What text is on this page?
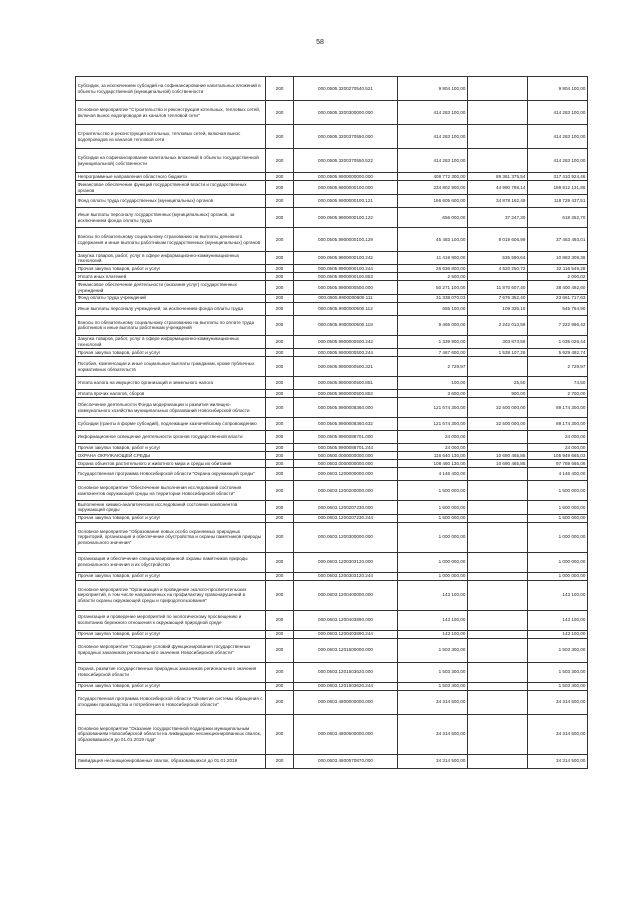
58
Субсидии, за исключением субсидий на софинансирование капитальных вложений в объекты государственной (муниципальной) собственности	200	000.0505.3200270540.521	9 804 100,00		9 804 100,00
Основное мероприятие "Строительство и реконструкция котельных, тепловых сетей, включая вынос водопроводов из каналов тепловой сети"	200	000.0505.3200300000.000	414 283 100,00		414 283 100,00
Строительство и реконструкция котельных, тепловых сетей, включая вынос водопроводов из каналов тепловой сети	200	000.0505.3200370550.000	414 283 100,00		414 283 100,00
Субсидии на софинансирование капитальных вложений в объекты государственной (муниципальной) собственности	200	000.0505.3200370550.522	414 283 100,00		414 283 100,00
Непрограммные направления областного бюджета	200	000.0505.9900000000.000	406 772 300,00	89 361 375,54	317 410 924,46
Финансовое обеспечение функций государственной власти и государственных органов	200	000.0505.9900000100.000	234 802 900,00	44 990 768,14	189 812 131,86
Фонд оплаты труда государственных (муниципальных) органов	200	000.0505.9900000100.121	166 605 600,00	34 878 162,49	118 729 437,51
Иные выплаты персоналу государственных (муниципальных) органов, за исключением фонда оплаты труда	200	000.0505.9900000100.122	656 000,00	37 247,30	618 252,70
Взносы по обязательному социальному страхованию на выплаты денежного содержания и иные выплаты работникам государственных (муниципальных) органов	200	000.0505.9900000100.129	45 483 100,00	8 019 606,99	37 463 493,01
Закупка товаров, работ, услуг в сфере информационно-коммуникационных технологий	200	000.0505.9900000100.242	11 418 900,00	535 590,64	10 883 309,36
Прочая закупка товаров, работ и услуг	200	000.0505.9900000100.244	26 636 800,00	4 520 250,72	22 116 549,28
Уплата иных платежей	200	000.0505.9900000100.853	2 500,00		2 000,02
Финансовое обеспечение деятельности (оказания услуг) государственных учреждений	200	000.0505.9900000500.000	50 271 100,00	11 870 607,40	38 400 492,60
Фонд оплаты труда учреждений	200	000.0505.9900000500.111	31 338 070,03	7 676 352,40	23 661 717,63
Иные выплаты персоналу учреждений, за исключением фонда оплаты труда	200	000.0505.9900000500.112	655 100,00	109 335,10	545 764,90
Взносы по обязательному социальному страхованию на выплаты по оплате труда работников и иные выплаты работникам учреждений	200	000.0505.9900000500.119	9 465 000,00	2 242 013,58	7 222 986,42
Закупка товаров, работ, услуг в сфере информационно-коммуникационных технологий	200	000.0505.9900000500.242	1 339 900,00	303 873,56	1 035 026,44
Прочая закупка товаров, работ и услуг	200	000.0505.9900000500.244	7 467 600,00	1 538 107,28	5 929 492,74
Пособия, компенсации и иные социальные выплаты гражданам, кроме публичных нормативных обязательств	200	000.0505.9900000500.321	2 729,97		2 729,97
Уплата налога на имущество организаций и земельного налога	200	000.0505.9900000500.851	100,00	25,50	74,50
Уплата прочих налогов, сборов	200	000.0505.9900000500.852	3 600,00	900,00	2 700,00
Обеспечение деятельности Фонда модернизации и развития жилищно-коммунального хозяйства муниципальных образований Новосибирской области	200	000.0505.9900008360.000	121 674 300,00	32 500 000,00	89 174 300,00
Субсидии (гранты в форме субсидий), подлежащие казначейскому сопровождению	200	000.0505.9900008360.632	121 674 300,00	32 500 000,00	89 174 300,00
Информационное освещение деятельности органов государственной власти	200	000.0505.9900088701.000	24 000,00		24 000,00
Прочая закупка товаров, работ и услуг	200	000.0505.9900088701.244	24 000,00		24 000,00
ОХРАНА ОКРУЖАЮЩЕЙ СРЕДЫ	200	000.0600.0000000000.000	116 640 130,00	10 690 465,85	105 949 665,03
Охрана объектов растительного и животного мира и среды их обитания	200	000.0603.0000000000.000	108 460 130,00	10 690 465,85	97 769 665,06
Государственная программа Новосибирской области "Охрана окружающей среды"	200	000.0603.1200000000.000	4 146 400,00		4 146 400,00
Основное мероприятие "Обеспечение выполнения исследований состояния компонентов окружающей среды на территории Новосибирской области"	200	000.0603.1200200000.000	1 500 000,00		1 500 000,00
Выполнение химико-аналитических исследований состояния компонентов окружающей среды	200	000.0603.1200207230.000	1 500 000,00		1 500 000,00
Прочая закупка товаров, работ и услуг	200	000.0603.1200207230.244	1 500 000,00		1 500 000,00
Основное мероприятие "Образование новых особо охраняемых природных территорий, организация и обеспечение обустройства и охраны памятников природы регионального значения"	200	000.0603.1200300000.000	1 000 000,00		1 000 000,00
Организация и обеспечение специализированной охраны памятников природы регионального значения и их обустройство	200	000.0603.1200303120.000	1 000 000,00		1 000 000,00
Прочая закупка товаров, работ и услуг	200	000.0603.1200303120.244	1 000 000,00		1 000 000,00
Основное мероприятие "Организация и проведение эколого-просветительских мероприятий, в том числе направленных на профилактику правонарушений в области охраны окружающей среды и природопользования"	200	000.0603.1200400000.000	143 100,00		143 100,00
Организация и проведение мероприятий по экологическому просвещению и воспитанию бережного отношения к окружающей природной среде	200	000.0603.1200403890.000	143 100,00		143 100,00
Прочая закупка товаров, работ и услуг	200	000.0603.1200403890.244	143 100,00		143 100,00
Основное мероприятие "Создание условий функционирования государственных природных заказников регионального значения Новосибирской области"	200	000.0603.1201500000.000	1 503 300,00		1 503 300,00
Охрана, развитие государственных природных заказников регионального значения Новосибирской области	200	000.0603.1201503620.000	1 503 300,00		1 503 300,00
Прочая закупка товаров, работ и услуг	200	000.0603.1201503620.244	1 503 300,00		1 503 300,00
Государственная программа Новосибирской области "Развитие системы обращения с отходами производства и потребления в Новосибирской области"	200	000.0603.4800000000.000	34 314 500,00		34 314 500,00
Основное мероприятие "Оказание государственной поддержки муниципальным образованиям Новосибирской области на ликвидацию несанкционированных свалок, образовавшихся до 01.01.2019 года"	200	000.0603.4800500000.000	34 314 500,00		34 314 500,00
Ликвидация несанкционированных свалок, образовавшихся до 01.01.2019	200	000.0603.4800570870.000	34 314 500,00		34 314 500,00
